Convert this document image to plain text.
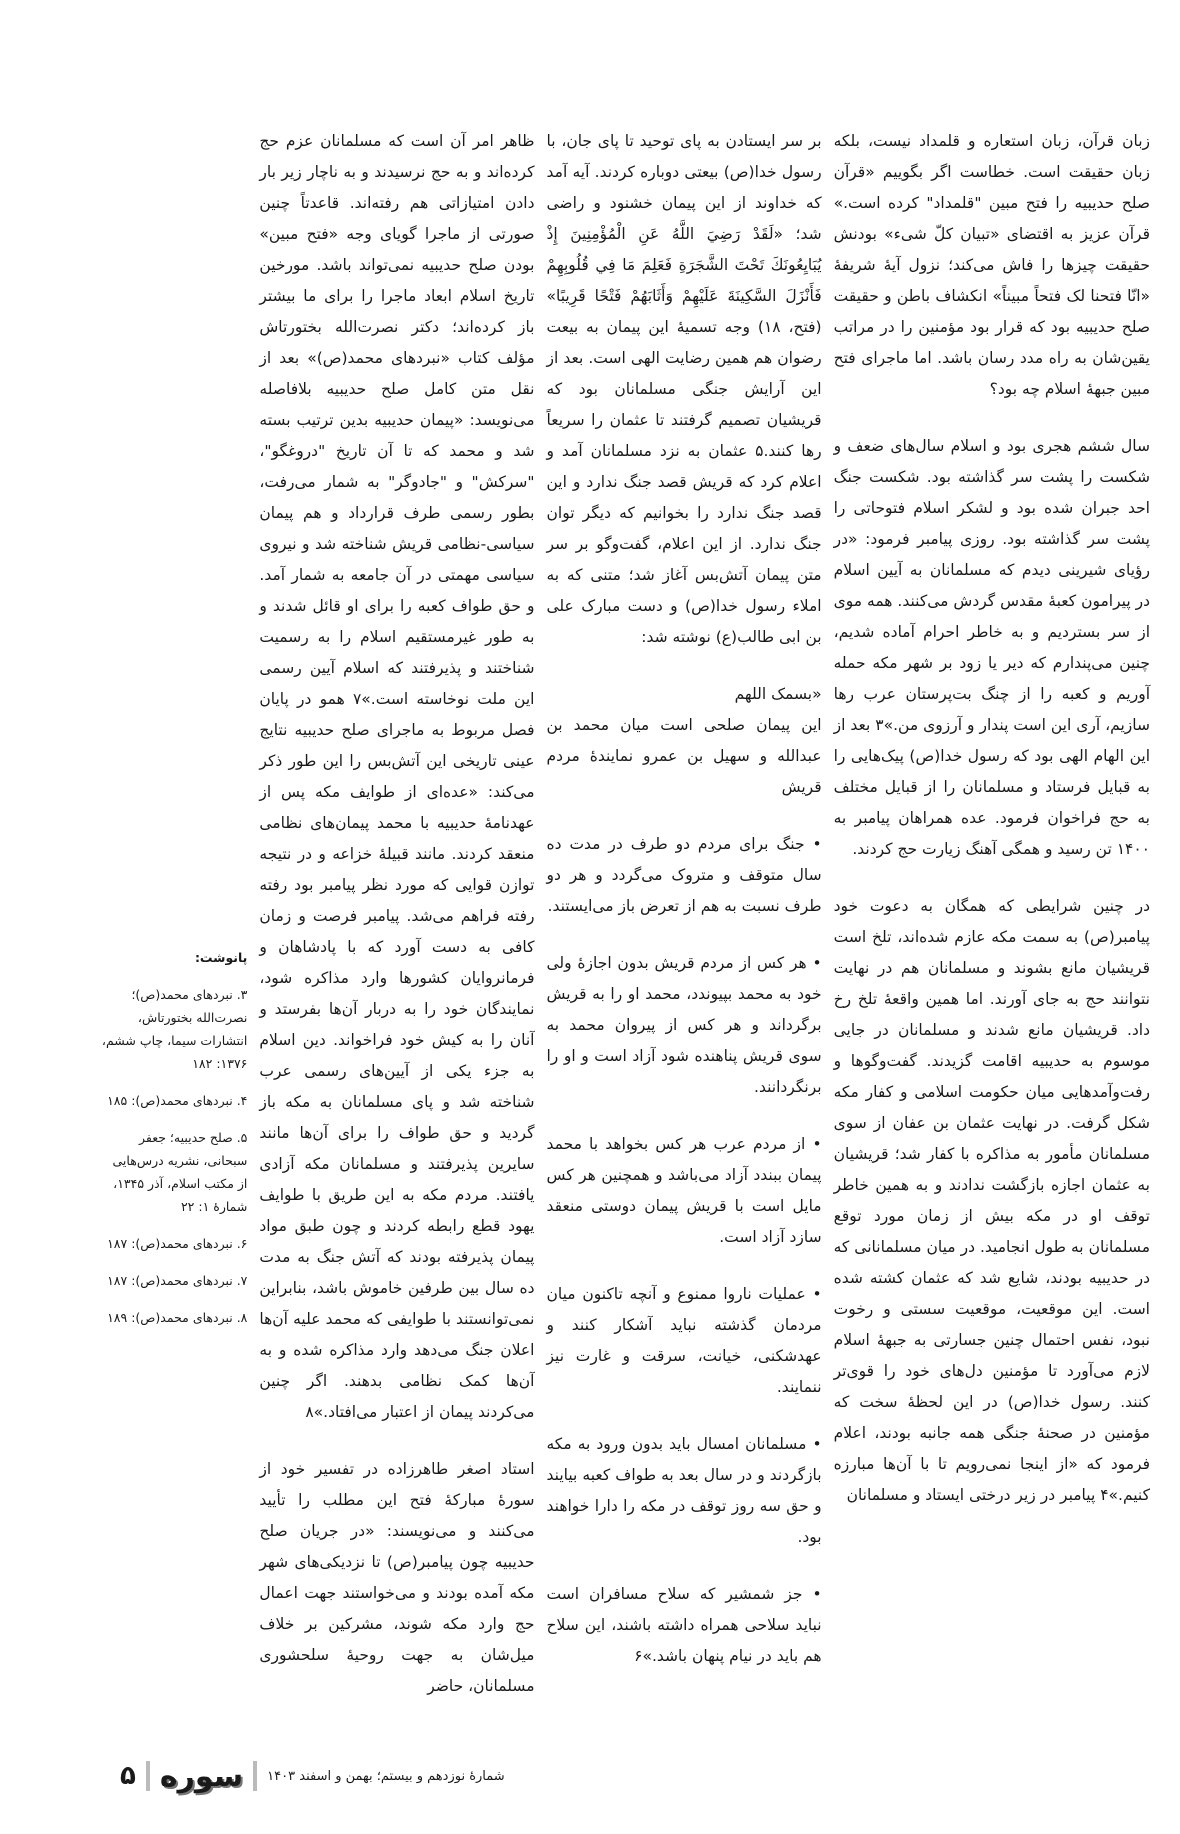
زبان قرآن، زبان استعاره و قلمداد نیست، بلکه زبان حقیقت است. خطاست اگر بگوییم «قرآن صلح حدیبیه را فتح مبین "قلمداد" کرده است.» قرآن عزیز به اقتضای «تبیان کلّ شیء» بودنش حقیقت چیزها را فاش می‌کند؛ نزول آیهٔ شریفهٔ «انّا فتحنا لک فتحاً مبیناً» انکشاف باطن و حقیقت صلح حدیبیه بود که قرار بود مؤمنین را در مراتب یقین‌شان به راه مدد رسان باشد. اما ماجرای فتح مبین جبههٔ اسلام چه بود؟

سال ششم هجری بود و اسلام سال‌های ضعف و شکست را پشت سر گذاشته بود. شکست جنگ احد جبران شده بود و لشکر اسلام فتوحاتی را پشت سر گذاشته بود. روزی پیامبر فرمود: «در رؤیای شیرینی دیدم که مسلمانان به آیین اسلام در پیرامون کعبهٔ مقدس گردش می‌کنند. همه موی از سر بستردیم و به خاطر احرام آماده شدیم، چنین می‌پندارم که دیر یا زود بر شهر مکه حمله آوریم و کعبه را از چنگ بت‌پرستان عرب رها سازیم، آری این است پندار و آرزوی من.»۳ بعد از این الهام الهی بود که رسول خدا(ص) پیک‌هایی را به قبایل فرستاد و مسلمانان را از قبایل مختلف به حج فراخوان فرمود. عده همراهان پیامبر به ۱۴۰۰ تن رسید و همگی آهنگ زیارت حج کردند.

در چنین شرایطی که همگان به دعوت خود پیامبر(ص) به سمت مکه عازم شده‌اند، تلخ است قریشیان مانع بشوند و مسلمانان هم در نهایت نتوانند حج به جای آورند. اما همین واقعهٔ تلخ رخ داد. قریشیان مانع شدند و مسلمانان در جایی موسوم به حدیبیه اقامت گزیدند. گفت‌وگوها و رفت‌وآمدهایی میان حکومت اسلامی و کفار مکه شکل گرفت. در نهایت عثمان بن عفان از سوی مسلمانان مأمور به مذاکره با کفار شد؛ قریشیان به عثمان اجازه بازگشت ندادند و به همین خاطر توقف او در مکه بیش از زمان مورد توقع مسلمانان به طول انجامید. در میان مسلمانانی که در حدیبیه بودند، شایع شد که عثمان کشته شده است. این موقعیت، موقعیت سستی و رخوت نبود، نفس احتمال چنین جسارتی به جبههٔ اسلام لازم می‌آورد تا مؤمنین دل‌های خود را قوی‌تر کنند. رسول خدا(ص) در این لحظهٔ سخت که مؤمنین در صحنهٔ جنگی همه جانبه بودند، اعلام فرمود که «از اینجا نمی‌رویم تا با آن‌ها مبارزه کنیم.»۴ پیامبر در زیر درختی ایستاد و مسلمانان

بر سر ایستادن به پای توحید تا پای جان، با رسول خدا(ص) بیعتی دوباره کردند. آیه آمد که خداوند از این پیمان خشنود و راضی شد؛ «لَقَدْ رَضِيَ اللَّهُ عَنِ الْمُؤْمِنِينَ إِذْ يُبَايِعُونَكَ تَحْتَ الشَّجَرَةِ فَعَلِمَ مَا فِي قُلُوبِهِمْ فَأَنْزَلَ السَّكِينَةَ عَلَيْهِمْ وَأَثَابَهُمْ فَتْحًا قَرِيبًا» (فتح، ۱۸) وجه تسمیهٔ این پیمان به بیعت رضوان هم همین رضایت الهی است. بعد از این آرایش جنگی مسلمانان بود که قریشیان تصمیم گرفتند تا عثمان را سریعاً رها کنند.۵ عثمان به نزد مسلمانان آمد و اعلام کرد که قریش قصد جنگ ندارد و این قصد جنگ ندارد را بخوانیم که دیگر توان جنگ ندارد. از این اعلام، گفت‌وگو بر سر متن پیمان آتش‌بس آغاز شد؛ متنی که به املاء رسول خدا(ص) و دست مبارک علی بن ابی طالب(ع) نوشته شد:

«بسمک اللهم

این پیمان صلحی است میان محمد بن عبدالله و سهیل بن عمرو نمایندهٔ مردم قریش

• جنگ برای مردم دو طرف در مدت ده سال متوقف و متروک می‌گردد و هر دو طرف نسبت به هم از تعرض باز می‌ایستند.

• هر کس از مردم قریش بدون اجازهٔ ولی خود به محمد بپیوندد، محمد او را به قریش برگرداند و هر کس از پیروان محمد به سوی قریش پناهنده شود آزاد است و او را برنگردانند.

• از مردم عرب هر کس بخواهد با محمد پیمان ببندد آزاد می‌باشد و همچنین هر کس مایل است با قریش پیمان دوستی منعقد سازد آزاد است.

• عملیات ناروا ممنوع و آنچه تاکنون میان مردمان گذشته نباید آشکار کنند و عهدشکنی، خیانت، سرقت و غارت نیز ننمایند.

• مسلمانان امسال باید بدون ورود به مکه بازگردند و در سال بعد به طواف کعبه بیایند و حق سه روز توقف در مکه را دارا خواهند بود.

• جز شمشیر که سلاح مسافران است نباید سلاحی همراه داشته باشند، این سلاح هم باید در نیام پنهان باشد.»۶

ظاهر امر آن است که مسلمانان عزم حج کرده‌اند و به حج نرسیدند و به ناچار زیر بار دادن امتیازاتی هم رفته‌اند. قاعدتاً چنین صورتی از ماجرا گویای وجه «فتح مبین» بودن صلح حدیبیه نمی‌تواند باشد. مورخین تاریخ اسلام ابعاد ماجرا را برای ما بیشتر باز کرده‌اند؛ دکتر نصرت‌الله بختورتاش مؤلف کتاب «نبردهای محمد(ص)» بعد از نقل متن کامل صلح حدیبیه بلافاصله می‌نویسد: «پیمان حدیبیه بدین ترتیب بسته شد و محمد که تا آن تاریخ "دروغگو"، "سرکش" و "جادوگر" به شمار می‌رفت، بطور رسمی طرف قرارداد و هم پیمان سیاسی-نظامی قریش شناخته شد و نیروی سیاسی مهمتی در آن جامعه به شمار آمد. و حق طواف کعبه را برای او قائل شدند و به طور غیرمستقیم اسلام را به رسمیت شناختند و پذیرفتند که اسلام آیین رسمی این ملت نوخاسته است.»۷ همو در پایان فصل مربوط به ماجرای صلح حدیبیه نتایج عینی تاریخی این آتش‌بس را این طور ذکر می‌کند: «عده‌ای از طوایف مکه پس از عهدنامهٔ حدیبیه با محمد پیمان‌های نظامی منعقد کردند. مانند قبیلهٔ خزاعه و در نتیجه توازن قوایی که مورد نظر پیامبر بود رفته رفته فراهم می‌شد. پیامبر فرصت و زمان کافی به دست آورد که با پادشاهان و فرمانروایان کشورها وارد مذاکره شود، نمایندگان خود را به دربار آن‌ها بفرستد و آنان را به کیش خود فراخواند. دین اسلام به جزء یکی از آیین‌های رسمی عرب شناخته شد و پای مسلمانان به مکه باز گردید و حق طواف را برای آن‌ها مانند سایرین پذیرفتند و مسلمانان مکه آزادی یافتند. مردم مکه به این طریق با طوایف یهود قطع رابطه کردند و چون طبق مواد پیمان پذیرفته بودند که آتش جنگ به مدت ده سال بین طرفین خاموش باشد، بنابراین نمی‌توانستند با طوایفی که محمد علیه آن‌ها اعلان جنگ می‌دهد وارد مذاکره شده و به آن‌ها کمک نظامی بدهند. اگر چنین می‌کردند پیمان از اعتبار می‌افتاد.»۸

استاد اصغر طاهرزاده در تفسیر خود از سورهٔ مبارکهٔ فتح این مطلب را تأیید می‌کنند و می‌نویسند: «در جریان صلح حدیبیه چون پیامبر(ص) تا نزدیکی‌های شهر مکه آمده بودند و می‌خواستند جهت اعمال حج وارد مکه شوند، مشرکین بر خلاف میل‌شان به جهت روحیهٔ سلحشوری مسلمانان، حاضر

پانوشت:
۳. نبردهای محمد(ص)؛ نصرت‌الله بختورتاش، انتشارات سیما، چاپ ششم، ۱۳۷۶: ۱۸۲
۴. نبردهای محمد(ص): ۱۸۵
۵. صلح حدیبیه؛ جعفر سبحانی، نشریه درس‌هایی از مکتب اسلام، آذر ۱۳۴۵، شمارهٔ ۱: ۲۲
۶. نبردهای محمد(ص): ۱۸۷
۷. نبردهای محمد(ص): ۱۸۷
۸. نبردهای محمد(ص): ۱۸۹
۵ سوره شمارهٔ نوزدهم و بیستم؛ بهمن و اسفند ۱۴۰۳
